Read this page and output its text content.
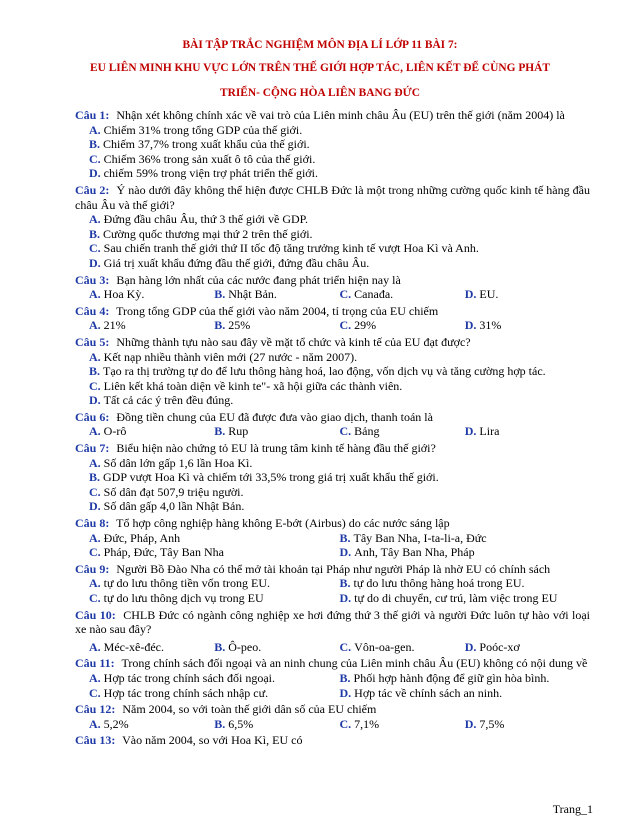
BÀI TẬP TRẮC NGHIỆM MÔN ĐỊA LÍ LỚP 11 BÀI 7:
EU LIÊN MINH KHU VỰC LỚN TRÊN THẾ GIỚI HỢP TÁC, LIÊN KẾT ĐỂ CÙNG PHÁT
TRIỂN- CỘNG HÒA LIÊN BANG ĐỨC
Câu 1: Nhận xét không chính xác về vai trò của Liên minh châu Âu (EU) trên thế giới (năm 2004) là
A. Chiếm 31% trong tổng GDP của thế giới.
B. Chiếm 37,7% trong xuất khẩu của thế giới.
C. Chiếm 36% trong sản xuất ô tô của thế giới.
D. chiếm 59% trong viện trợ phát triển thế giới.
Câu 2: Ý nào dưới đây không thể hiện được CHLB Đức là một trong những cường quốc kinh tế hàng đầu châu Âu và thế giới?
A. Đứng đầu châu Âu, thứ 3 thế giới về GDP.
B. Cường quốc thương mại thứ 2 trên thế giới.
C. Sau chiến tranh thế giới thứ II tốc độ tăng trưởng kinh tế vượt Hoa Kì và Anh.
D. Giá trị xuất khẩu đứng đầu thế giới, đứng đầu châu Âu.
Câu 3: Bạn hàng lớn nhất của các nước đang phát triển hiện nay là
A. Hoa Kỳ.	B. Nhật Bản.	C. Canađa.	D. EU.
Câu 4: Trong tổng GDP của thế giới vào năm 2004, tỉ trọng của EU chiếm
A. 21%	B. 25%	C. 29%	D. 31%
Câu 5: Những thành tựu nào sau đây về mặt tổ chức và kinh tế của EU đạt được?
A. Kết nạp nhiều thành viên mới (27 nước - năm 2007).
B. Tạo ra thị trường tự do để lưu thông hàng hoá, lao động, vốn dịch vụ và tăng cường hợp tác.
C. Liên kết khá toàn diện về kinh te"- xã hội giữa các thành viên.
D. Tất cả các ý trên đều đúng.
Câu 6: Đồng tiền chung của EU đã được đưa vào giao dịch, thanh toán là
A. O-rô	B. Rup	C. Bảng	D. Lira
Câu 7: Biểu hiện nào chứng tỏ EU là trung tâm kinh tế hàng đầu thế giới?
A. Số dân lớn gấp 1,6 lần Hoa Kì.
B. GDP vượt Hoa Kì và chiếm tới 33,5% trong giá trị xuất khẩu thế giới.
C. Số dân đạt 507,9 triệu người.
D. Số dân gấp 4,0 lần Nhật Bản.
Câu 8: Tổ hợp công nghiệp hàng không E-bớt (Airbus) do các nước sáng lập
A. Đức, Pháp, Anh	B. Tây Ban Nha, I-ta-li-a, Đức
C. Pháp, Đức, Tây Ban Nha	D. Anh, Tây Ban Nha, Pháp
Câu 9: Người Bồ Đào Nha có thể mở tài khoản tại Pháp như người Pháp là nhờ EU có chính sách
A. tự do lưu thông tiền vốn trong EU.	B. tự do lưu thông hàng hoá trong EU.
C. tự do lưu thông dịch vụ trong EU	D. tự do di chuyển, cư trú, làm việc trong EU
Câu 10: CHLB Đức có ngành công nghiệp xe hơi đứng thứ 3 thế giới và người Đức luôn tự hào với loại xe nào sau đây?
A. Méc-xê-đéc.	B. Ô-peo.	C. Vôn-oa-gen.	D. Poóc-xơ
Câu 11: Trong chính sách đối ngoại và an ninh chung của Liên minh châu Âu (EU) không có nội dung về
A. Hợp tác trong chính sách đối ngoại.	B. Phối hợp hành động để giữ gìn hòa bình.
C. Hợp tác trong chính sách nhập cư.	D. Hợp tác về chính sách an ninh.
Câu 12: Năm 2004, so với toàn thế giới dân số của EU chiếm
A. 5,2%	B. 6,5%	C. 7,1%	D. 7,5%
Câu 13: Vào năm 2004, so với Hoa Kì, EU có
Trang_1
